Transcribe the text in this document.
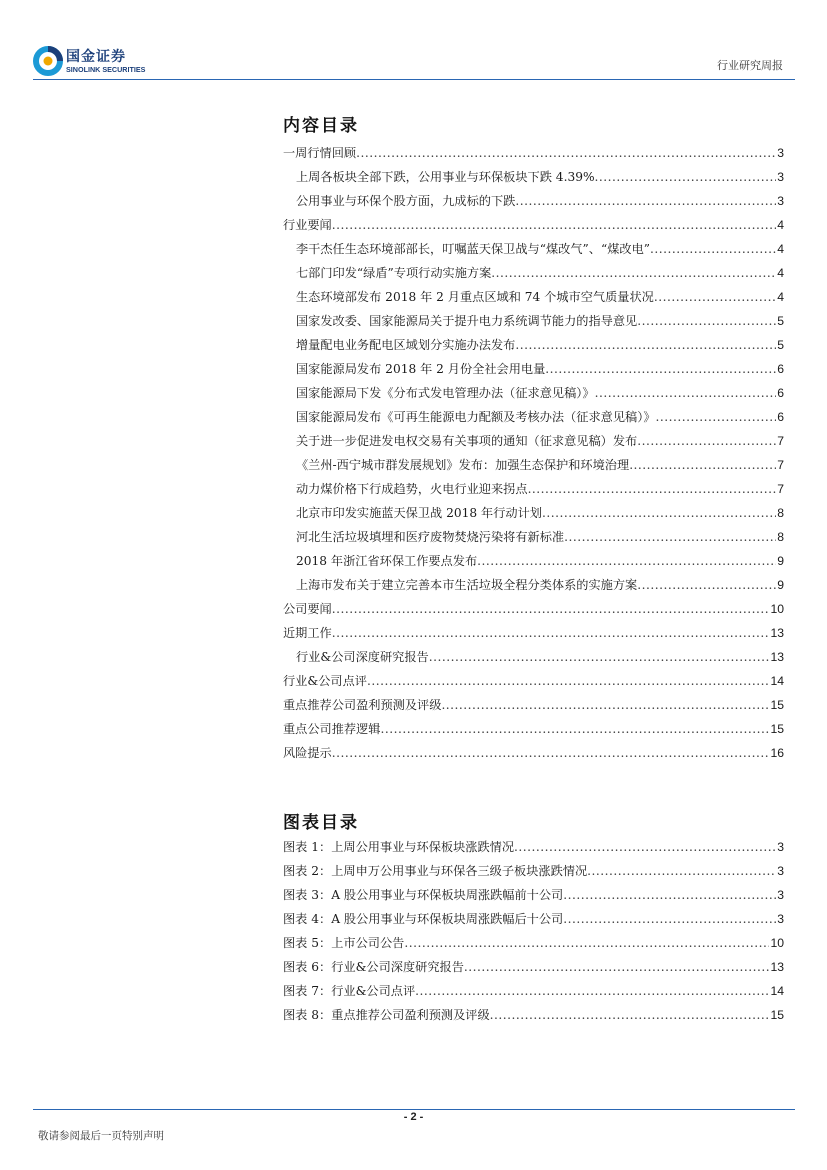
国金证券
SINOLINK SECURITIES	行业研究周报
内容目录
一周行情回顾 .....	3
上周各板块全部下跌，公用事业与环保板块下跌 4.39% .....	3
公用事业与环保个股方面，九成标的下跌 .....	3
行业要闻 .....	4
李干杰任生态环境部部长，叮嘱蓝天保卫战与“煤改气”、“煤改电” .....	4
七部门印发“绿盾”专项行动实施方案 .....	4
生态环境部发布 2018 年 2 月重点区域和 74 个城市空气质量状况 .....	4
国家发改委、国家能源局关于提升电力系统调节能力的指导意见 .....	5
增量配电业务配电区域划分实施办法发布 .....	5
国家能源局发布 2018 年 2 月份全社会用电量 .....	6
国家能源局下发《分布式发电管理办法（征求意见稿）》 .....	6
国家能源局发布《可再生能源电力配额及考核办法（征求意见稿）》 .....	6
关于进一步促进发电权交易有关事项的通知（征求意见稿）发布 .....	7
《兰州-西宁城市群发展规划》发布：加强生态保护和环境治理 .....	7
动力煤价格下行成趋势，火电行业迎来拐点 .....	7
北京市印发实施蓝天保卫战 2018 年行动计划 .....	8
河北生活垃圾填埋和医疗废物焚烧污染将有新标准 .....	8
2018 年浙江省环保工作要点发布 .....	9
上海市发布关于建立完善本市生活垃圾全程分类体系的实施方案 .....	9
公司要闻 .....	10
近期工作 .....	13
行业&公司深度研究报告 .....	13
行业&公司点评 .....	14
重点推荐公司盈利预测及评级 .....	15
重点公司推荐逻辑 .....	15
风险提示 .....	16
图表目录
图表 1：上周公用事业与环保板块涨跌情况 .....	3
图表 2：上周申万公用事业与环保各三级子板块涨跌情况 .....	3
图表 3：A 股公用事业与环保板块周涨跌幅前十公司 .....	3
图表 4：A 股公用事业与环保板块周涨跌幅后十公司 .....	3
图表 5：上市公司公告 .....	10
图表 6：行业&公司深度研究报告 .....	13
图表 7：行业&公司点评 .....	14
图表 8：重点推荐公司盈利预测及评级 .....	15
- 2 -
敬请参阅最后一页特别声明
